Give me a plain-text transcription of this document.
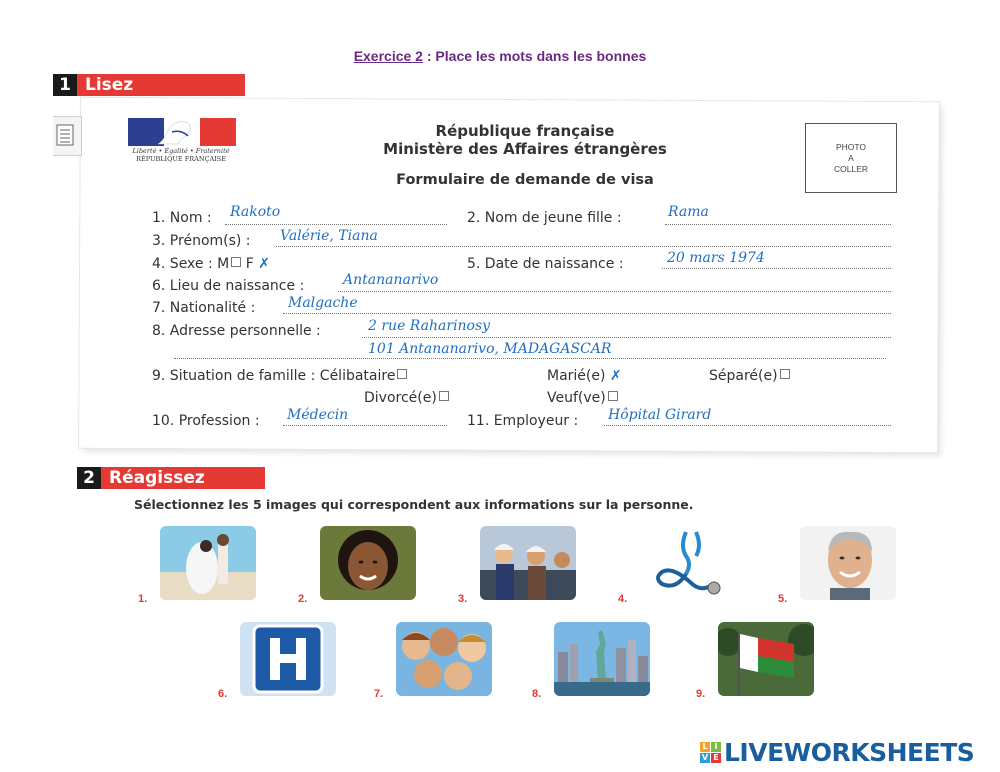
Exercice 2 : Place les mots dans les bonnes
1 Lisez
Liberté • Égalité • Fraternité
RÉPUBLIQUE FRANÇAISE
République française
Ministère des Affaires étrangères
Formulaire de demande de visa
PHOTO
A
COLLER
1. Nom : Rakoto	2. Nom de jeune fille :	Rama
3. Prénom(s) : Valérie, Tiana
4. Sexe : M F ✗	5. Date de naissance :	20 mars 1974
6. Lieu de naissance :	Antananarivo
7. Nationalité : Malgache
8. Adresse personnelle :	2 rue Raharinosy
101 Antananarivo, MADAGASCAR
9. Situation de famille : Célibataire	Marié(e) ✗	Séparé(e)
Divorcé(e)	Veuf(ve)
10. Profession : Médecin	11. Employeur : Hôpital Girard
2 Réagissez
Sélectionnez les 5 images qui correspondent aux informations sur la personne.
1.	2.	3.	4.	5.
6.	7.	8.	9.
L I
V E LIVEWORKSHEETS
